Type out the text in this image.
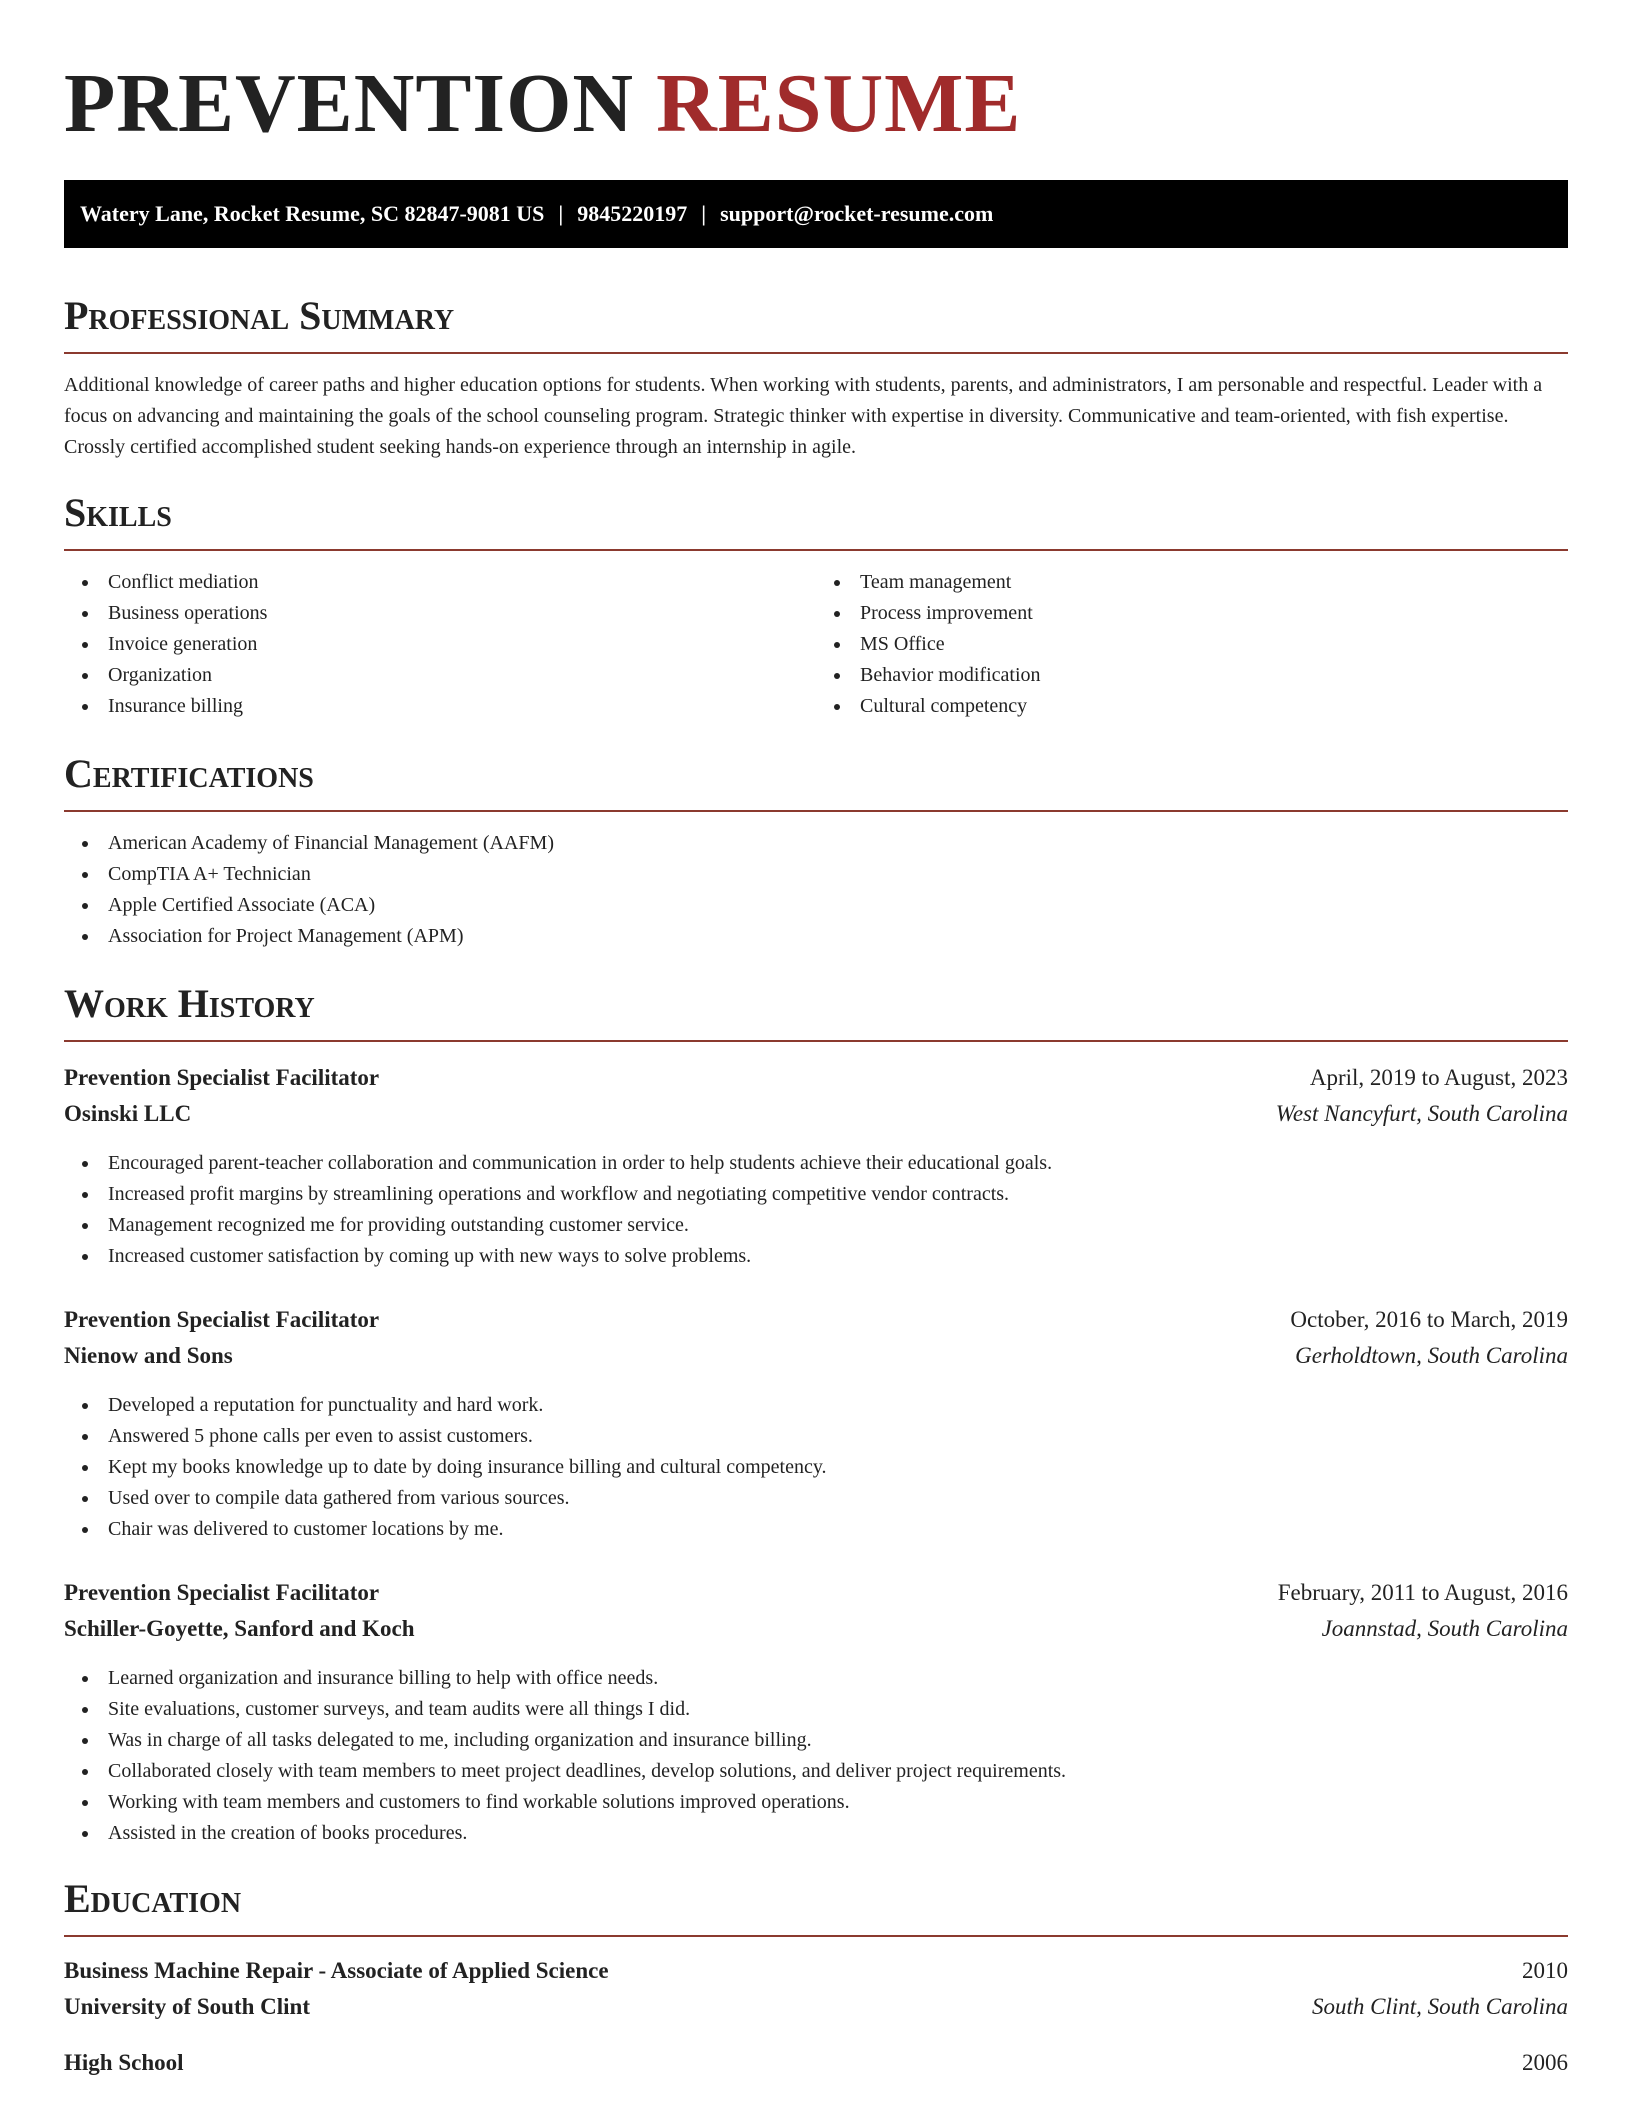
PREVENTION RESUME
Watery Lane, Rocket Resume, SC 82847-9081 US | 9845220197 | support@rocket-resume.com
Professional Summary

Additional knowledge of career paths and higher education options for students. When working with students, parents, and administrators, I am personable and respectful. Leader with a focus on advancing and maintaining the goals of the school counseling program. Strategic thinker with expertise in diversity. Communicative and team-oriented, with fish expertise. Crossly certified accomplished student seeking hands-on experience through an internship in agile.

Skills
Conflict mediation
Business operations
Invoice generation
Organization
Insurance billing
Team management
Process improvement
MS Office
Behavior modification
Cultural competency
Certifications
American Academy of Financial Management (AAFM)
CompTIA A+ Technician
Apple Certified Associate (ACA)
Association for Project Management (APM)
Work History
Prevention Specialist Facilitator	April, 2019 to August, 2023
Osinski LLC	West Nancyfurt, South Carolina
Encouraged parent-teacher collaboration and communication in order to help students achieve their educational goals.
Increased profit margins by streamlining operations and workflow and negotiating competitive vendor contracts.
Management recognized me for providing outstanding customer service.
Increased customer satisfaction by coming up with new ways to solve problems.
Prevention Specialist Facilitator	October, 2016 to March, 2019
Nienow and Sons	Gerholdtown, South Carolina
Developed a reputation for punctuality and hard work.
Answered 5 phone calls per even to assist customers.
Kept my books knowledge up to date by doing insurance billing and cultural competency.
Used over to compile data gathered from various sources.
Chair was delivered to customer locations by me.
Prevention Specialist Facilitator	February, 2011 to August, 2016
Schiller-Goyette, Sanford and Koch	Joannstad, South Carolina
Learned organization and insurance billing to help with office needs.
Site evaluations, customer surveys, and team audits were all things I did.
Was in charge of all tasks delegated to me, including organization and insurance billing.
Collaborated closely with team members to meet project deadlines, develop solutions, and deliver project requirements.
Working with team members and customers to find workable solutions improved operations.
Assisted in the creation of books procedures.
Education
Business Machine Repair - Associate of Applied Science	2010
University of South Clint	South Clint, South Carolina
High School	2006
